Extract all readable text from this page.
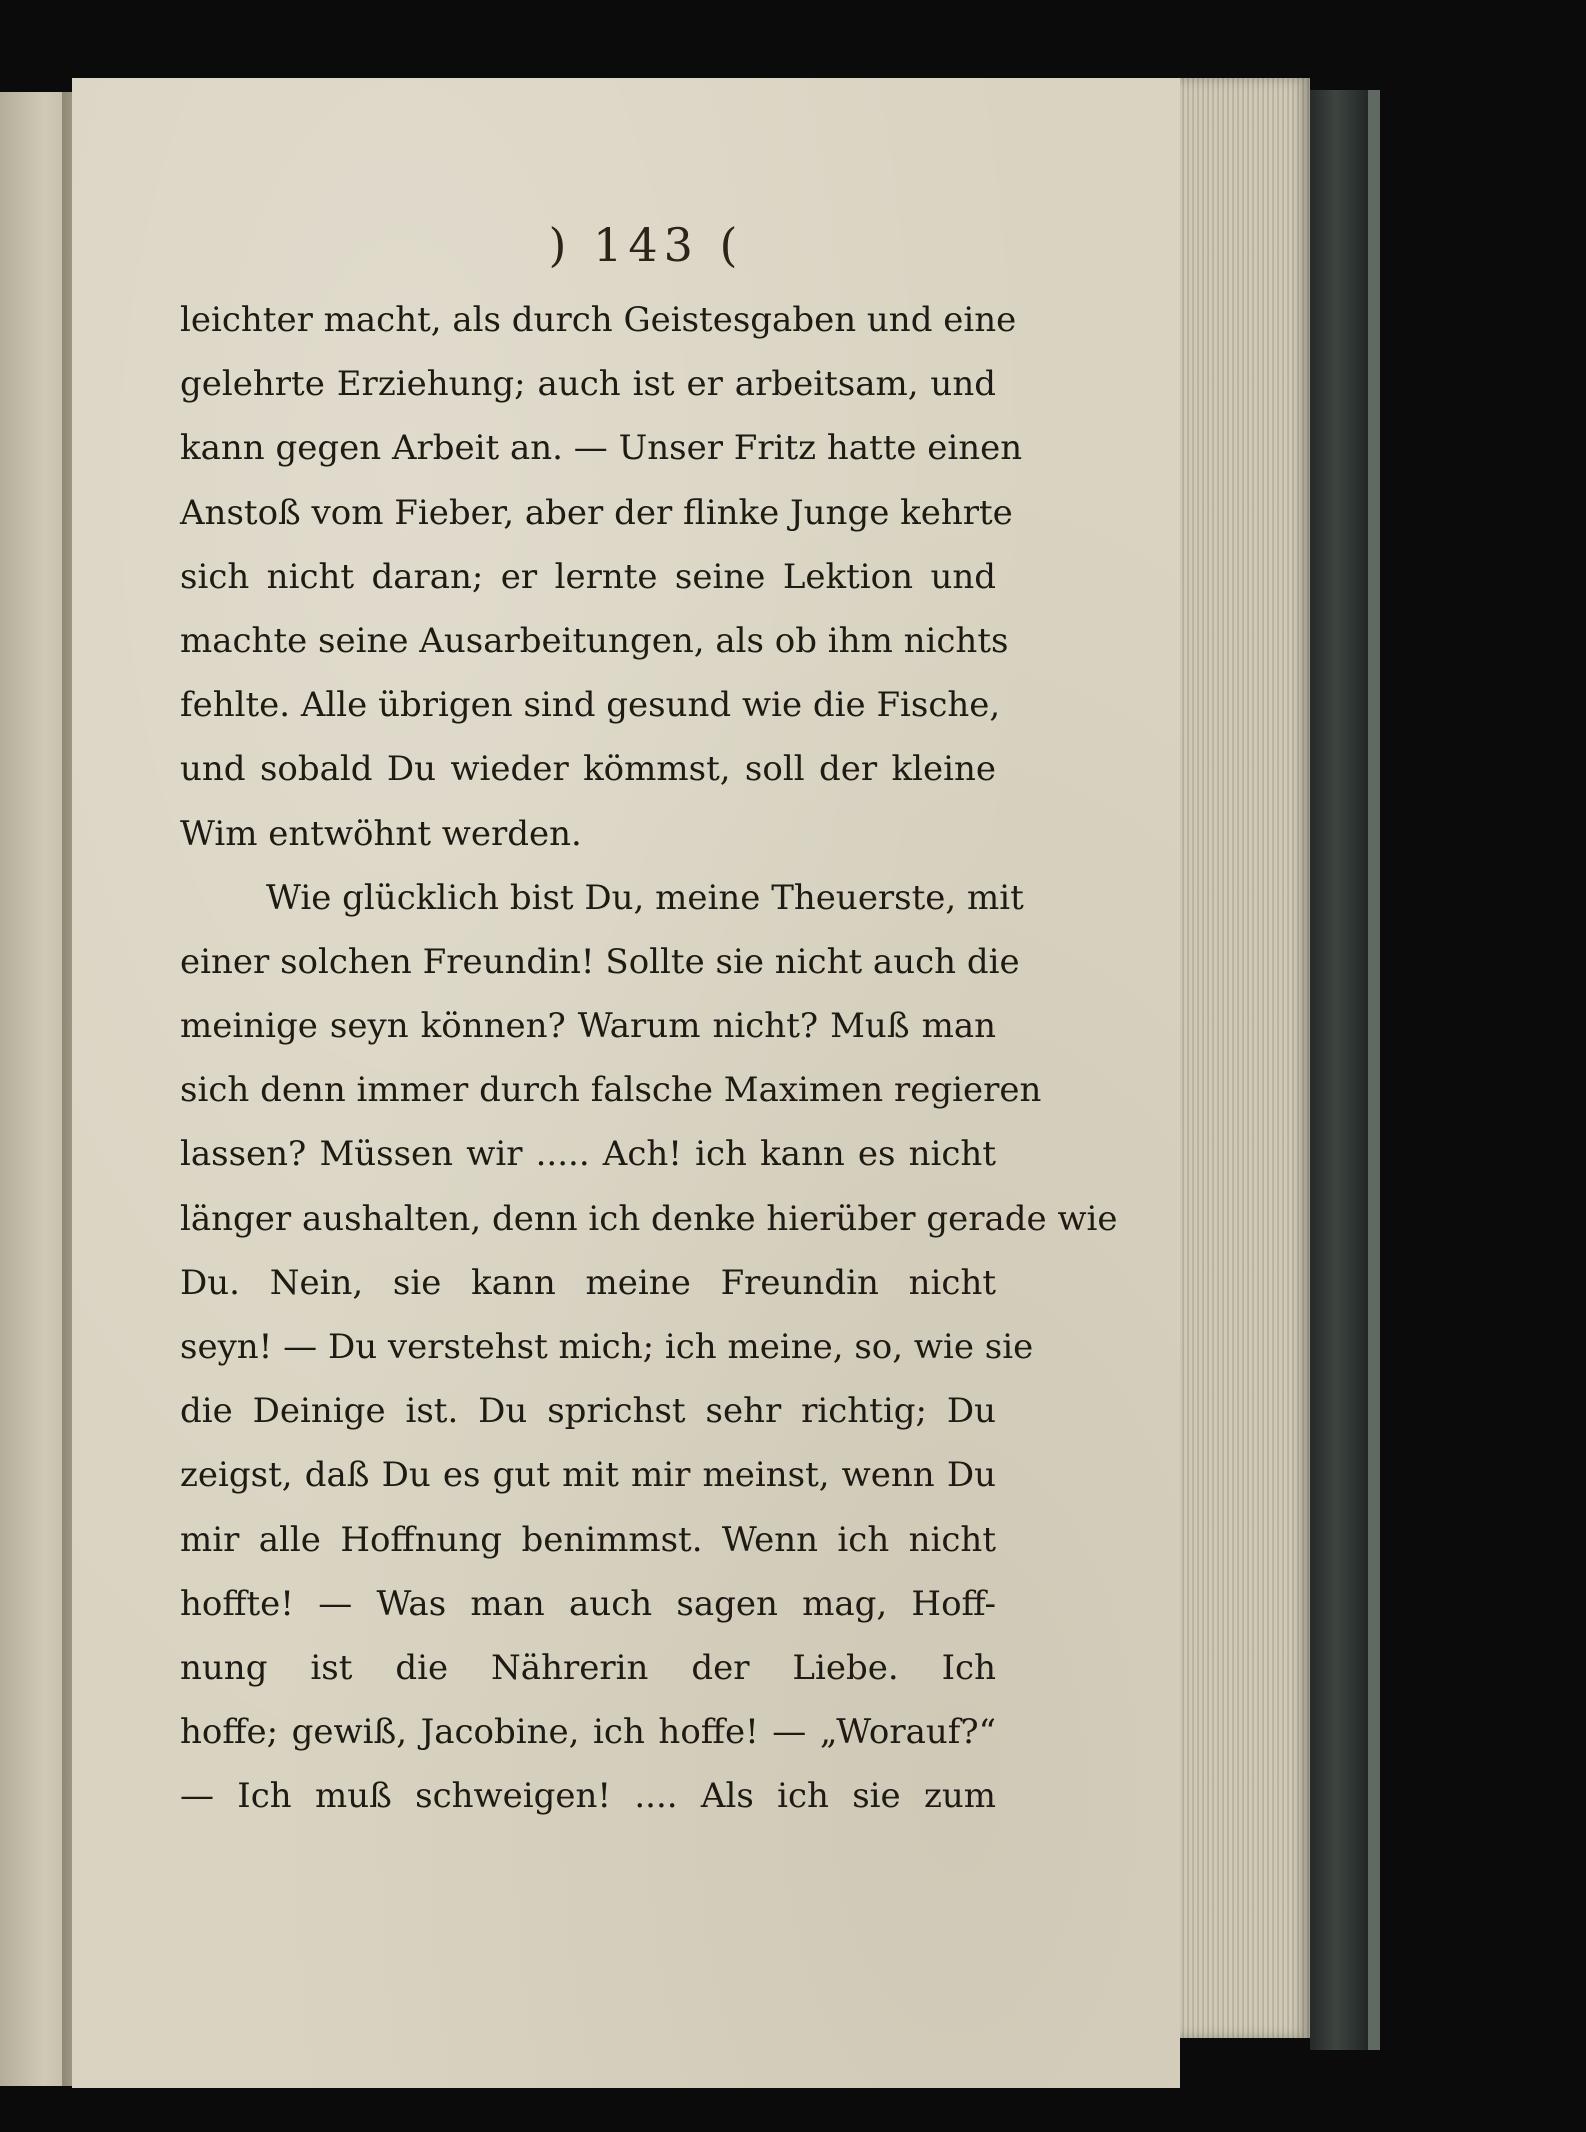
) 143 (
leichter macht, als durch Geistesgaben und eine
gelehrte Erziehung; auch ist er arbeitsam, und
kann gegen Arbeit an. — Unser Fritz hatte einen
Anstoß vom Fieber, aber der flinke Junge kehrte
sich nicht daran; er lernte seine Lektion und
machte seine Ausarbeitungen, als ob ihm nichts
fehlte. Alle übrigen sind gesund wie die Fische,
und sobald Du wieder kömmst, soll der kleine
Wim entwöhnt werden.
Wie glücklich bist Du, meine Theuerste, mit
einer solchen Freundin! Sollte sie nicht auch die
meinige seyn können? Warum nicht? Muß man
sich denn immer durch falsche Maximen regieren
lassen? Müssen wir ..... Ach! ich kann es nicht
länger aushalten, denn ich denke hierüber gerade wie
Du. Nein, sie kann meine Freundin nicht
seyn! — Du verstehst mich; ich meine, so, wie sie
die Deinige ist. Du sprichst sehr richtig; Du
zeigst, daß Du es gut mit mir meinst, wenn Du
mir alle Hoffnung benimmst. Wenn ich nicht
hoffte! — Was man auch sagen mag, Hoff-
nung ist die Nährerin der Liebe. Ich
hoffe; gewiß, Jacobine, ich hoffe! — „Worauf?“
— Ich muß schweigen! .... Als ich sie zum
